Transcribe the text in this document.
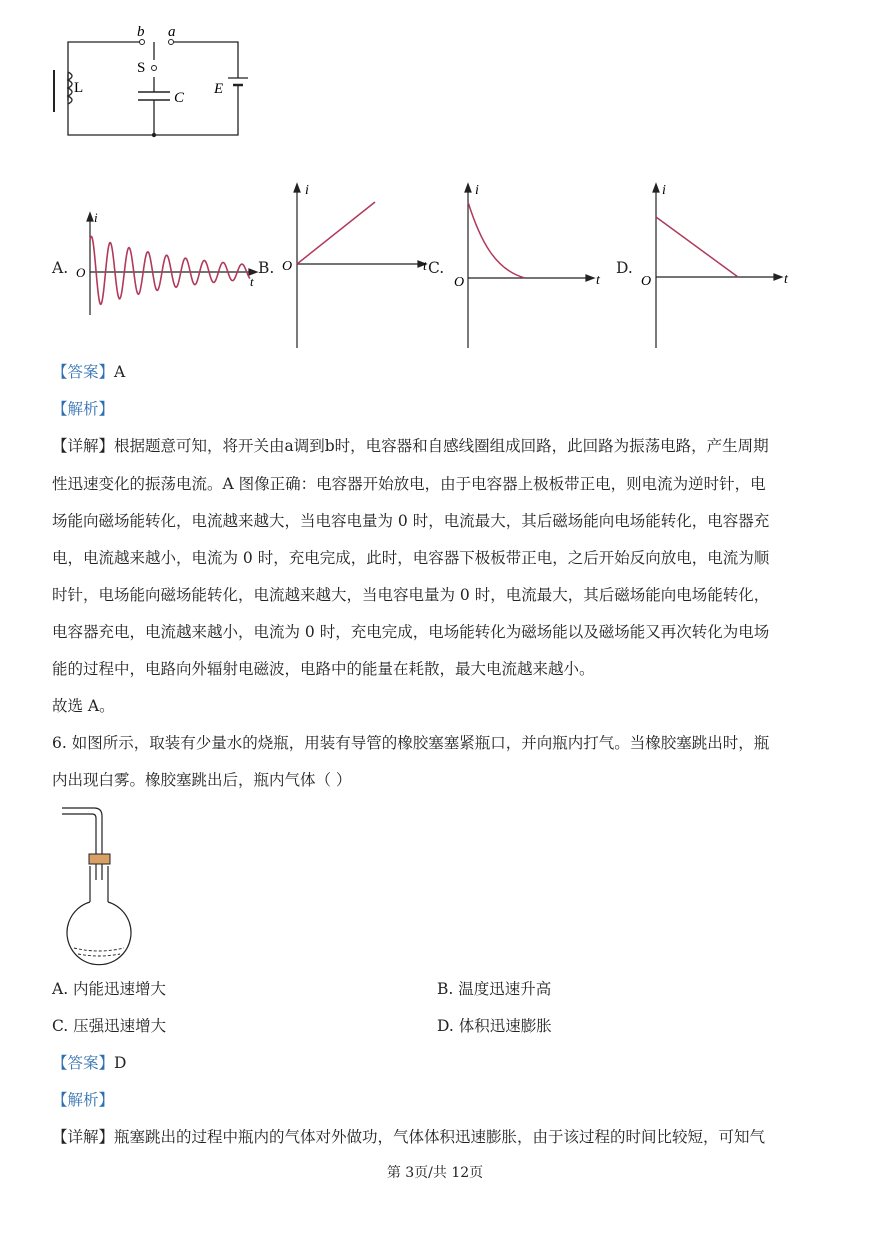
b a
S
L
C
E
A.
i
O
t
B.
i
O	t C.
i
O	t
D.
i
O	t
【答案】A
【解析】
【详解】根据题意可知，将开关由a调到b时，电容器和自感线圈组成回路，此回路为振荡电路，产生周期
性迅速变化的振荡电流。A 图像正确：电容器开始放电，由于电容器上极板带正电，则电流为逆时针，电
场能向磁场能转化，电流越来越大，当电容电量为 0 时，电流最大，其后磁场能向电场能转化，电容器充
电，电流越来越小，电流为 0 时，充电完成，此时，电容器下极板带正电，之后开始反向放电，电流为顺
时针，电场能向磁场能转化，电流越来越大，当电容电量为 0 时，电流最大，其后磁场能向电场能转化，
电容器充电，电流越来越小，电流为 0 时，充电完成，电场能转化为磁场能以及磁场能又再次转化为电场
能的过程中，电路向外辐射电磁波，电路中的能量在耗散，最大电流越来越小。
故选 A。
6. 如图所示，取装有少量水的烧瓶，用装有导管的橡胶塞塞紧瓶口，并向瓶内打气。当橡胶塞跳出时，瓶
内出现白雾。橡胶塞跳出后，瓶内气体（ ）
A. 内能迅速增大	B. 温度迅速升高
C. 压强迅速增大	D. 体积迅速膨胀
【答案】D
【解析】
【详解】瓶塞跳出的过程中瓶内的气体对外做功，气体体积迅速膨胀，由于该过程的时间比较短，可知气
第 3页/共 12页
